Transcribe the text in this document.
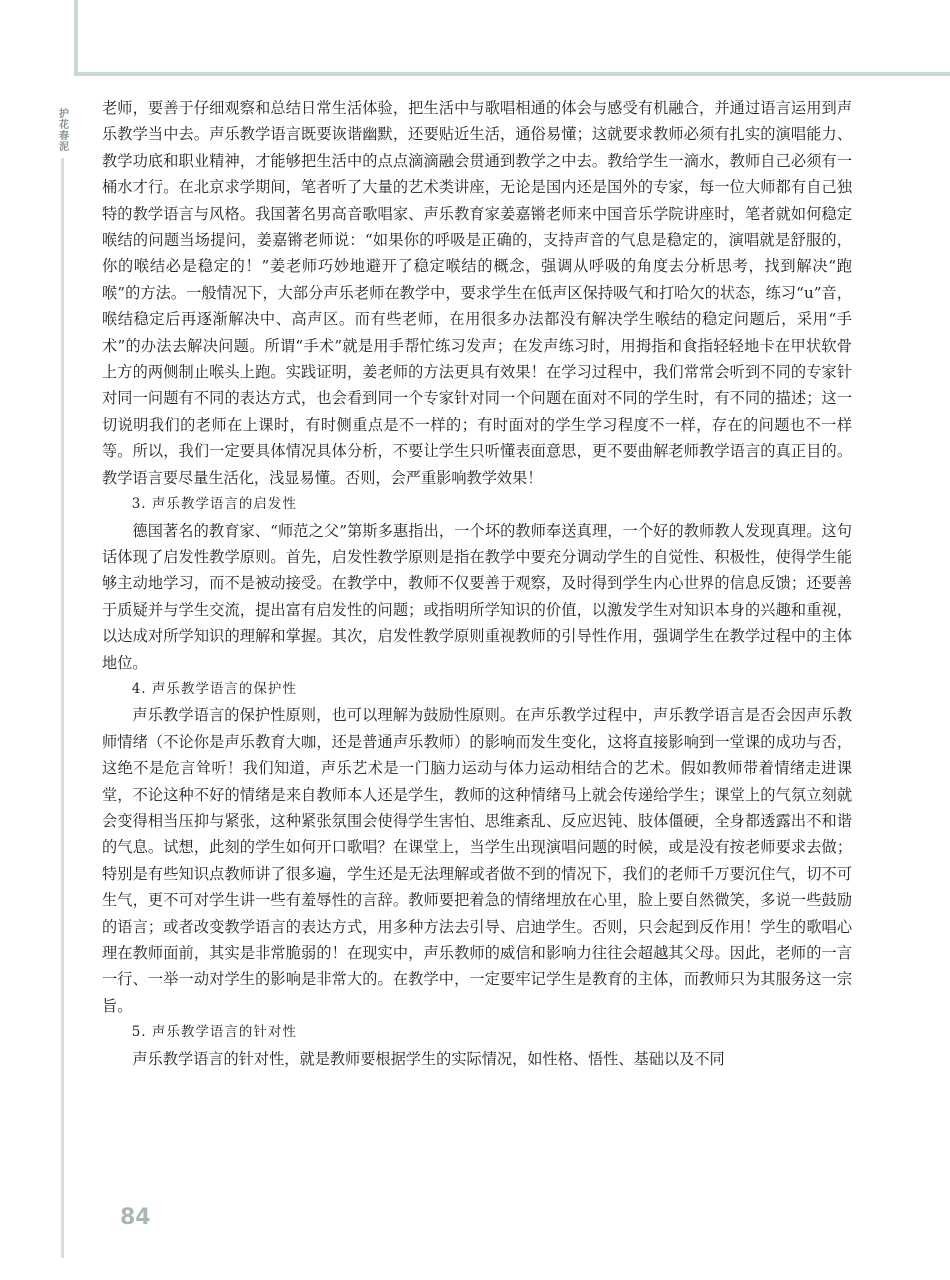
护花春泥 老师，要善于仔细观察和总结日常生活体验，把生活中与歌唱相通的体会与感受有机融合，并通过语言运用到声乐教学当中去。声乐教学语言既要诙谐幽默，还要贴近生活，通俗易懂；这就要求教师必须有扎实的演唱能力、教学功底和职业精神，才能够把生活中的点点滴滴融会贯通到教学之中去。教给学生一滴水，教师自己必须有一桶水才行。在北京求学期间，笔者听了大量的艺术类讲座，无论是国内还是国外的专家，每一位大师都有自己独特的教学语言与风格。我国著名男高音歌唱家、声乐教育家姜嘉锵老师来中国音乐学院讲座时，笔者就如何稳定喉结的问题当场提问，姜嘉锵老师说：“如果你的呼吸是正确的，支持声音的气息是稳定的，演唱就是舒服的，你的喉结必是稳定的！”姜老师巧妙地避开了稳定喉结的概念，强调从呼吸的角度去分析思考，找到解决“跑喉”的方法。一般情况下，大部分声乐老师在教学中，要求学生在低声区保持吸气和打哈欠的状态，练习“u”音，喉结稳定后再逐渐解决中、高声区。而有些老师，在用很多办法都没有解决学生喉结的稳定问题后，采用“手术”的办法去解决问题。所谓“手术”就是用手帮忙练习发声；在发声练习时，用拇指和食指轻轻地卡在甲状软骨上方的两侧制止喉头上跑。实践证明，姜老师的方法更具有效果！在学习过程中，我们常常会听到不同的专家针对同一问题有不同的表达方式，也会看到同一个专家针对同一个问题在面对不同的学生时，有不同的描述；这一切说明我们的老师在上课时，有时侧重点是不一样的；有时面对的学生学习程度不一样，存在的问题也不一样等。所以，我们一定要具体情况具体分析，不要让学生只听懂表面意思，更不要曲解老师教学语言的真正目的。教学语言要尽量生活化，浅显易懂。否则，会严重影响教学效果！

3. 声乐教学语言的启发性

德国著名的教育家、“师范之父”第斯多惠指出，一个坏的教师奉送真理，一个好的教师教人发现真理。这句话体现了启发性教学原则。首先，启发性教学原则是指在教学中要充分调动学生的自觉性、积极性，使得学生能够主动地学习，而不是被动接受。在教学中，教师不仅要善于观察，及时得到学生内心世界的信息反馈；还要善于质疑并与学生交流，提出富有启发性的问题；或指明所学知识的价值，以激发学生对知识本身的兴趣和重视，以达成对所学知识的理解和掌握。其次，启发性教学原则重视教师的引导性作用，强调学生在教学过程中的主体地位。

4. 声乐教学语言的保护性

声乐教学语言的保护性原则，也可以理解为鼓励性原则。在声乐教学过程中，声乐教学语言是否会因声乐教师情绪（不论你是声乐教育大咖，还是普通声乐教师）的影响而发生变化，这将直接影响到一堂课的成功与否，这绝不是危言耸听！我们知道，声乐艺术是一门脑力运动与体力运动相结合的艺术。假如教师带着情绪走进课堂，不论这种不好的情绪是来自教师本人还是学生，教师的这种情绪马上就会传递给学生；课堂上的气氛立刻就会变得相当压抑与紧张，这种紧张氛围会使得学生害怕、思维紊乱、反应迟钝、肢体僵硬，全身都透露出不和谐的气息。试想，此刻的学生如何开口歌唱？在课堂上，当学生出现演唱问题的时候，或是没有按老师要求去做；特别是有些知识点教师讲了很多遍，学生还是无法理解或者做不到的情况下，我们的老师千万要沉住气，切不可生气，更不可对学生讲一些有羞辱性的言辞。教师要把着急的情绪埋放在心里，脸上要自然微笑，多说一些鼓励的语言；或者改变教学语言的表达方式，用多种方法去引导、启迪学生。否则，只会起到反作用！学生的歌唱心理在教师面前，其实是非常脆弱的！在现实中，声乐教师的威信和影响力往往会超越其父母。因此，老师的一言一行、一举一动对学生的影响是非常大的。在教学中，一定要牢记学生是教育的主体，而教师只为其服务这一宗旨。

5. 声乐教学语言的针对性

声乐教学语言的针对性，就是教师要根据学生的实际情况，如性格、悟性、基础以及不同

84
